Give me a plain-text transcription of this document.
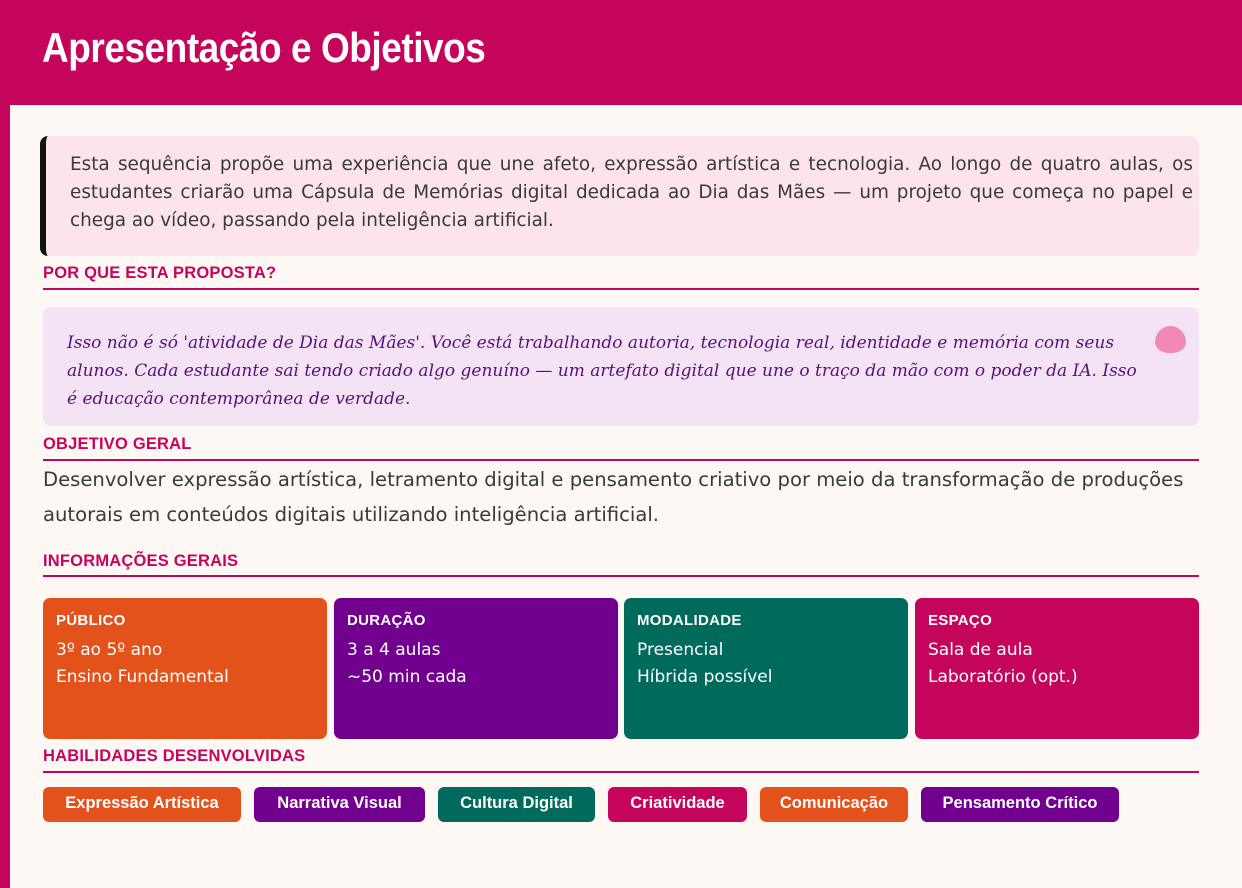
Apresentação e Objetivos
Esta sequência propõe uma experiência que une afeto, expressão artística e tecnologia. Ao longo de quatro aulas, os estudantes criarão uma Cápsula de Memórias digital dedicada ao Dia das Mães — um projeto que começa no papel e chega ao vídeo, passando pela inteligência artificial.
POR QUE ESTA PROPOSTA?
Isso não é só 'atividade de Dia das Mães'. Você está trabalhando autoria, tecnologia real, identidade e memória com seus alunos. Cada estudante sai tendo criado algo genuíno — um artefato digital que une o traço da mão com o poder da IA. Isso é educação contemporânea de verdade.
OBJETIVO GERAL
Desenvolver expressão artística, letramento digital e pensamento criativo por meio da transformação de produções autorais em conteúdos digitais utilizando inteligência artificial.
INFORMAÇÕES GERAIS
PÚBLICO
3º ao 5º ano
Ensino Fundamental
DURAÇÃO
3 a 4 aulas
~50 min cada
MODALIDADE
Presencial
Híbrida possível
ESPAÇO
Sala de aula
Laboratório (opt.)
HABILIDADES DESENVOLVIDAS
Expressão Artística	Narrativa Visual	Cultura Digital	Criatividade	Comunicação	Pensamento Crítico
